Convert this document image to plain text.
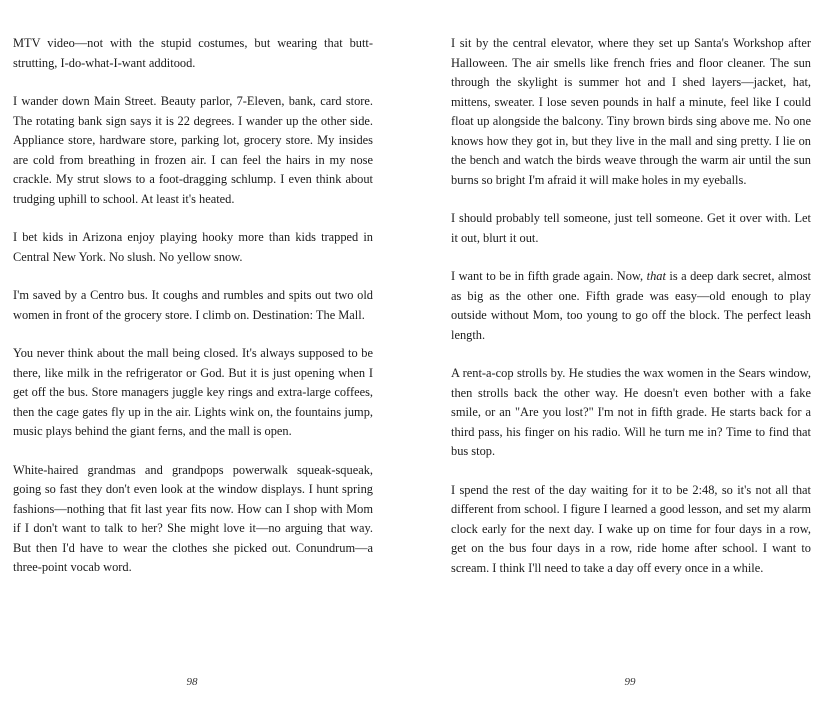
MTV video—not with the stupid costumes, but wearing that butt-strutting, I-do-what-I-want additood.

I wander down Main Street. Beauty parlor, 7-Eleven, bank, card store. The rotating bank sign says it is 22 degrees. I wander up the other side. Appliance store, hardware store, parking lot, grocery store. My insides are cold from breathing in frozen air. I can feel the hairs in my nose crackle. My strut slows to a foot-dragging schlump. I even think about trudging uphill to school. At least it's heated.

I bet kids in Arizona enjoy playing hooky more than kids trapped in Central New York. No slush. No yellow snow.

I'm saved by a Centro bus. It coughs and rumbles and spits out two old women in front of the grocery store. I climb on. Destination: The Mall.

You never think about the mall being closed. It's always supposed to be there, like milk in the refrigerator or God. But it is just opening when I get off the bus. Store managers juggle key rings and extra-large coffees, then the cage gates fly up in the air. Lights wink on, the fountains jump, music plays behind the giant ferns, and the mall is open.

White-haired grandmas and grandpops powerwalk squeak-squeak, going so fast they don't even look at the window displays. I hunt spring fashions—nothing that fit last year fits now. How can I shop with Mom if I don't want to talk to her? She might love it—no arguing that way. But then I'd have to wear the clothes she picked out. Conundrum—a three-point vocab word.

98

I sit by the central elevator, where they set up Santa's Workshop after Halloween. The air smells like french fries and floor cleaner. The sun through the skylight is summer hot and I shed layers—jacket, hat, mittens, sweater. I lose seven pounds in half a minute, feel like I could float up alongside the balcony. Tiny brown birds sing above me. No one knows how they got in, but they live in the mall and sing pretty. I lie on the bench and watch the birds weave through the warm air until the sun burns so bright I'm afraid it will make holes in my eyeballs.

I should probably tell someone, just tell someone. Get it over with. Let it out, blurt it out.

I want to be in fifth grade again. Now, that is a deep dark secret, almost as big as the other one. Fifth grade was easy—old enough to play outside without Mom, too young to go off the block. The perfect leash length.

A rent-a-cop strolls by. He studies the wax women in the Sears window, then strolls back the other way. He doesn't even bother with a fake smile, or an "Are you lost?" I'm not in fifth grade. He starts back for a third pass, his finger on his radio. Will he turn me in? Time to find that bus stop.

I spend the rest of the day waiting for it to be 2:48, so it's not all that different from school. I figure I learned a good lesson, and set my alarm clock early for the next day. I wake up on time for four days in a row, get on the bus four days in a row, ride home after school. I want to scream. I think I'll need to take a day off every once in a while.

99
